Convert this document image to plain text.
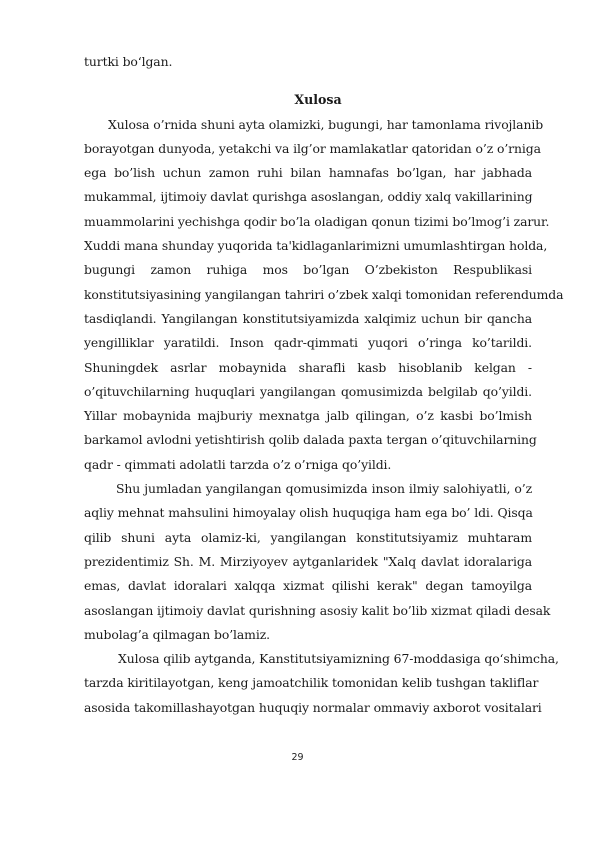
turtki bo‘lgan.
Xulosa
Xulosa o’rnida shuni ayta olamizki, bugungi, har tamonlama rivojlanib
borayotgan dunyoda, yetakchi va ilg’or mamlakatlar qatoridan o’z o’rniga
ega bo’lish uchun zamon ruhi bilan hamnafas bo’lgan, har jabhada
mukammal, ijtimoiy davlat qurishga asoslangan, oddiy xalq vakillarining
muammolarini yechishga qodir bo’la oladigan qonun tizimi bo’lmog’i zarur.
Xuddi mana shunday yuqorida ta'kidlaganlarimizni umumlashtirgan holda,
bugungi zamon ruhiga mos bo’lgan O’zbekiston Respublikasi
konstitutsiyasining yangilangan tahriri o’zbek xalqi tomonidan referendumda
tasdiqlandi. Yangilangan konstitutsiyamizda xalqimiz uchun bir qancha
yengilliklar yaratildi. Inson qadr-qimmati yuqori o’ringa ko’tarildi.
Shuningdek asrlar mobaynida sharafli kasb hisoblanib kelgan -
o’qituvchilarning huquqlari yangilangan qomusimizda belgilab qo’yildi.
Yillar mobaynida majburiy mexnatga jalb qilingan, o’z kasbi bo’lmish
barkamol avlodni yetishtirish qolib dalada paxta tergan o’qituvchilarning
qadr - qimmati adolatli tarzda o’z o’rniga qo’yildi.
Shu jumladan yangilangan qomusimizda inson ilmiy salohiyatli, o’z
aqliy mehnat mahsulini himoyalay olish huquqiga ham ega bo’ ldi. Qisqa
qilib shuni ayta olamiz-ki, yangilangan konstitutsiyamiz muhtaram
prezidentimiz Sh. M. Mirziyoyev aytganlaridek "Xalq davlat idoralariga
emas, davlat idoralari xalqqa xizmat qilishi kerak" degan tamoyilga
asoslangan ijtimoiy davlat qurishning asosiy kalit bo’lib xizmat qiladi desak
mubolag’a qilmagan bo’lamiz.
Xulosa qilib aytganda, Kanstitutsiyamizning 67-moddasiga qo‘shimcha,
tarzda kiritilayotgan, keng jamoatchilik tomonidan kelib tushgan takliflar
asosida takomillashayotgan huquqiy normalar ommaviy axborot vositalari
29
